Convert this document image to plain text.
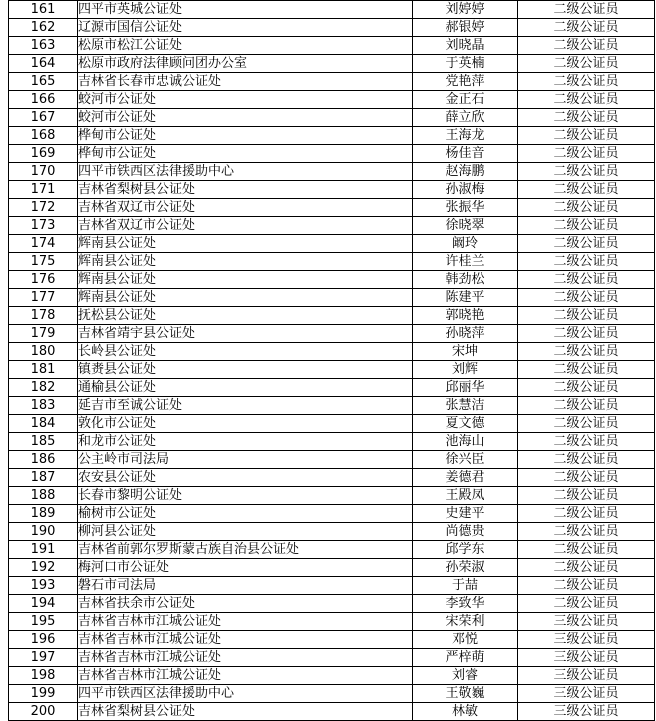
161	四平市英城公证处	刘婷婷	二级公证员
162	辽源市国信公证处	郝银婷	二级公证员
163	松原市松江公证处	刘晓晶	二级公证员
164	松原市政府法律顾问团办公室	于英楠	二级公证员
165	吉林省长春市忠诚公证处	党艳萍	二级公证员
166	蛟河市公证处	金正石	二级公证员
167	蛟河市公证处	薛立欣	二级公证员
168	桦甸市公证处	王海龙	二级公证员
169	桦甸市公证处	杨佳音	二级公证员
170	四平市铁西区法律援助中心	赵海鹏	二级公证员
171	吉林省梨树县公证处	孙淑梅	二级公证员
172	吉林省双辽市公证处	张振华	二级公证员
173	吉林省双辽市公证处	徐晓翠	二级公证员
174	辉南县公证处	阚玲	二级公证员
175	辉南县公证处	许桂兰	二级公证员
176	辉南县公证处	韩劲松	二级公证员
177	辉南县公证处	陈建平	二级公证员
178	抚松县公证处	郭晓艳	二级公证员
179	吉林省靖宇县公证处	孙晓萍	二级公证员
180	长岭县公证处	宋坤	二级公证员
181	镇赉县公证处	刘辉	二级公证员
182	通榆县公证处	邱丽华	二级公证员
183	延吉市至诚公证处	张慧洁	二级公证员
184	敦化市公证处	夏文德	二级公证员
185	和龙市公证处	池海山	二级公证员
186	公主岭市司法局	徐兴臣	二级公证员
187	农安县公证处	姜德君	二级公证员
188	长春市黎明公证处	王殿凤	二级公证员
189	榆树市公证处	史建平	二级公证员
190	柳河县公证处	尚德贵	二级公证员
191	吉林省前郭尔罗斯蒙古族自治县公证处	邱学东	二级公证员
192	梅河口市公证处	孙荣淑	二级公证员
193	磐石市司法局	于喆	二级公证员
194	吉林省扶余市公证处	李致华	二级公证员
195	吉林省吉林市江城公证处	宋荣利	三级公证员
196	吉林省吉林市江城公证处	邓悦	三级公证员
197	吉林省吉林市江城公证处	严梓萌	三级公证员
198	吉林省吉林市江城公证处	刘睿	三级公证员
199	四平市铁西区法律援助中心	王敬巍	三级公证员
200	吉林省梨树县公证处	林敏	三级公证员
